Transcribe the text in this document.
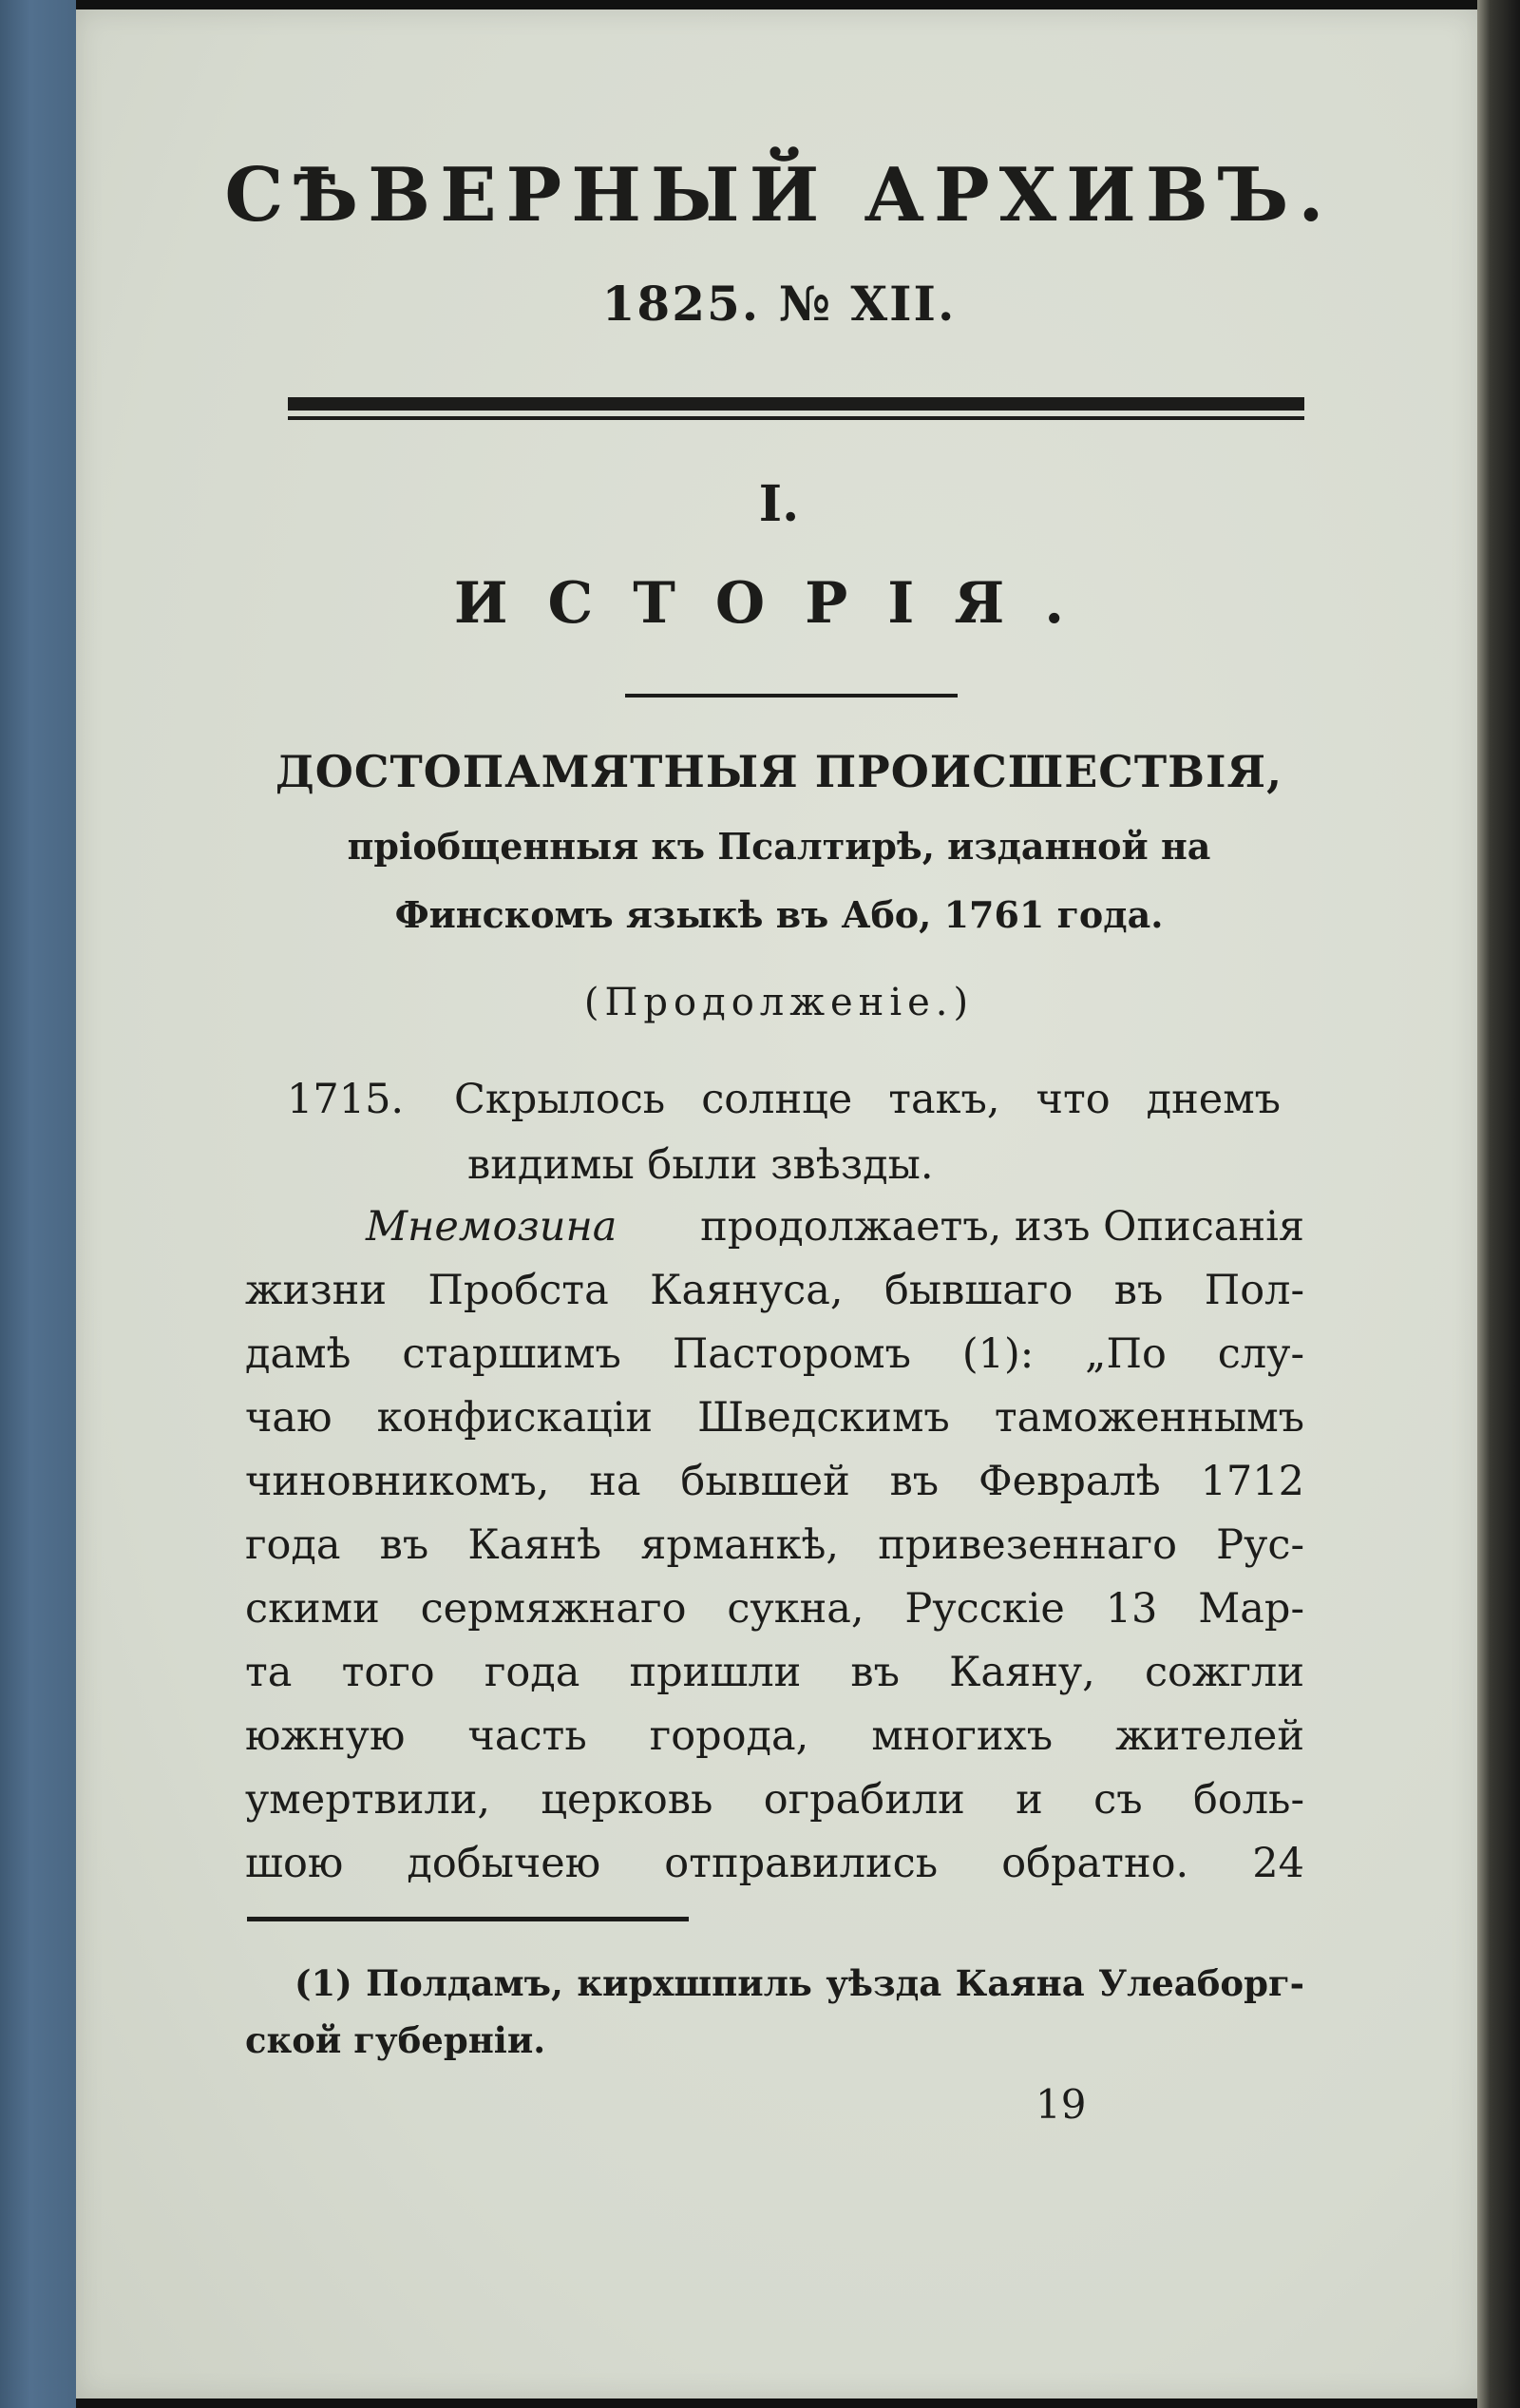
СѢВЕРНЫЙ АРХИВЪ.
1825. № XII.
I.
ИСТОРІЯ.
ДОСТОПАМЯТНЫЯ ПРОИСШЕСТВІЯ,
пріобщенныя къ Псалтирѣ, изданной на
Финскомъ языкѣ въ Або, 1761 года.
(Продолженіе.)
1715. Скрылось солнце такъ, что днемъ
видимы были звѣзды.
Мнемозина продолжаетъ, изъ Описанія
жизни Пробста Каянуса, бывшаго въ Пол-
дамѣ старшимъ Пасторомъ (1): „По слу-
чаю конфискаціи Шведскимъ таможеннымъ
чиновникомъ, на бывшей въ Февралѣ 1712
года въ Каянѣ ярманкѣ, привезеннаго Рус-
скими сермяжнаго сукна, Русскіе 13 Мар-
та того года пришли въ Каяну, сожгли
южную часть города, многихъ жителей
умертвили, церковь ограбили и съ боль-
шою добычею отправились обратно. 24
(1) Полдамъ, кирхшпиль уѣзда Каяна Улеаборг-
ской губерніи.
19
